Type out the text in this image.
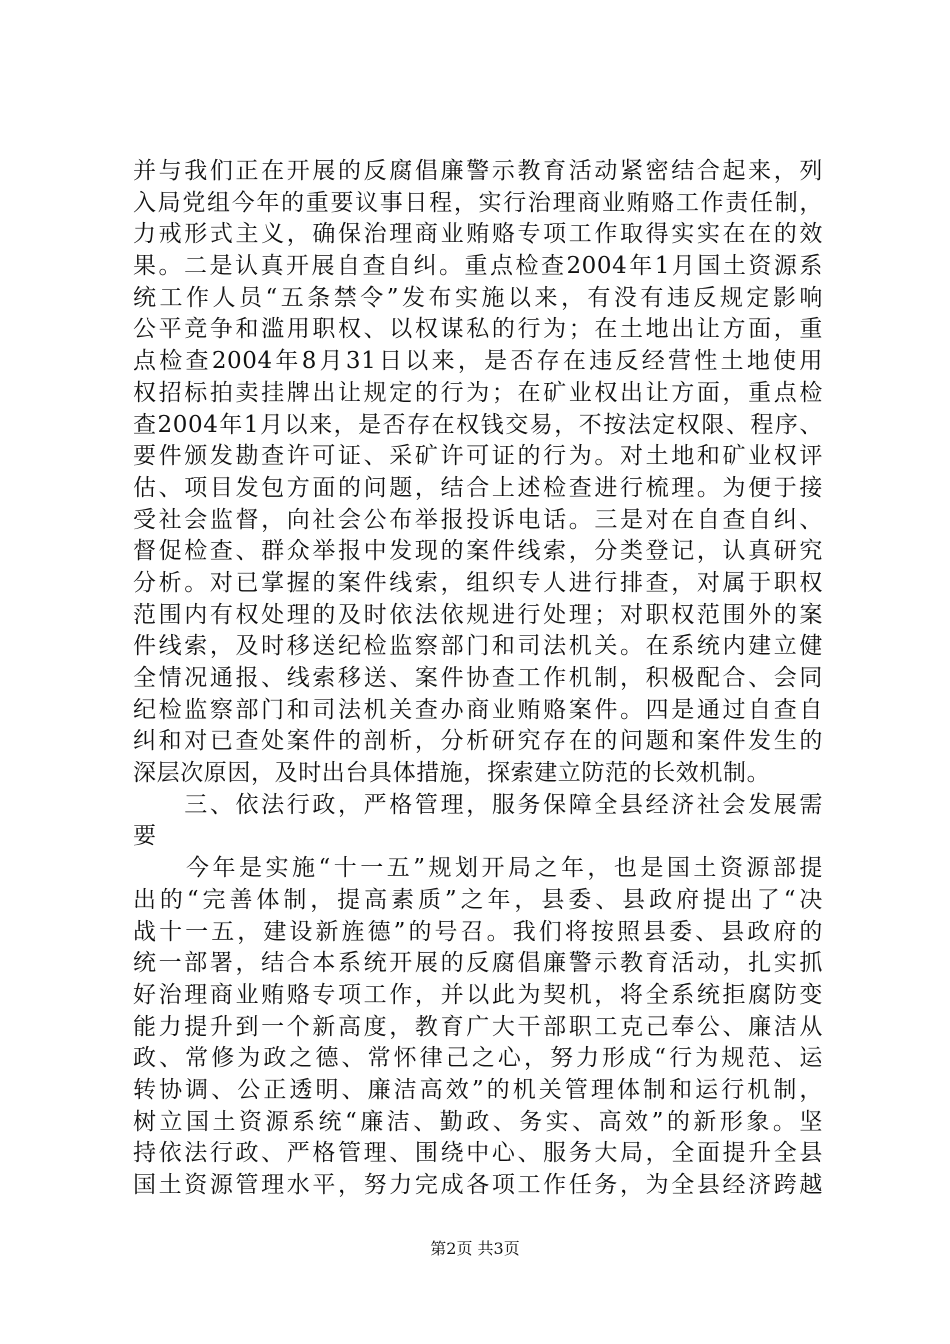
并与我们正在开展的反腐倡廉警示教育活动紧密结合起来，列
入局党组今年的重要议事日程，实行治理商业贿赂工作责任制，
力戒形式主义，确保治理商业贿赂专项工作取得实实在在的效
果。二是认真开展自查自纠。重点检查2004年1月国土资源系
统工作人员“五条禁令”发布实施以来，有没有违反规定影响
公平竞争和滥用职权、以权谋私的行为；在土地出让方面，重
点检查2004年8月31日以来，是否存在违反经营性土地使用
权招标拍卖挂牌出让规定的行为；在矿业权出让方面，重点检
查2004年1月以来，是否存在权钱交易，不按法定权限、程序、
要件颁发勘查许可证、采矿许可证的行为。对土地和矿业权评
估、项目发包方面的问题，结合上述检查进行梳理。为便于接
受社会监督，向社会公布举报投诉电话。三是对在自查自纠、
督促检查、群众举报中发现的案件线索，分类登记，认真研究
分析。对已掌握的案件线索，组织专人进行排查，对属于职权
范围内有权处理的及时依法依规进行处理；对职权范围外的案
件线索，及时移送纪检监察部门和司法机关。在系统内建立健
全情况通报、线索移送、案件协查工作机制，积极配合、会同
纪检监察部门和司法机关查办商业贿赂案件。四是通过自查自
纠和对已查处案件的剖析，分析研究存在的问题和案件发生的
深层次原因，及时出台具体措施，探索建立防范的长效机制。
　　三、依法行政，严格管理，服务保障全县经济社会发展需
要
　　今年是实施“十一五”规划开局之年，也是国土资源部提
出的“完善体制，提高素质”之年，县委、县政府提出了“决
战十一五，建设新旌德”的号召。我们将按照县委、县政府的
统一部署，结合本系统开展的反腐倡廉警示教育活动，扎实抓
好治理商业贿赂专项工作，并以此为契机，将全系统拒腐防变
能力提升到一个新高度，教育广大干部职工克己奉公、廉洁从
政、常修为政之德、常怀律己之心，努力形成“行为规范、运
转协调、公正透明、廉洁高效”的机关管理体制和运行机制，
树立国土资源系统“廉洁、勤政、务实、高效”的新形象。坚
持依法行政、严格管理、围绕中心、服务大局，全面提升全县
国土资源管理水平，努力完成各项工作任务，为全县经济跨越
第2页 共3页
